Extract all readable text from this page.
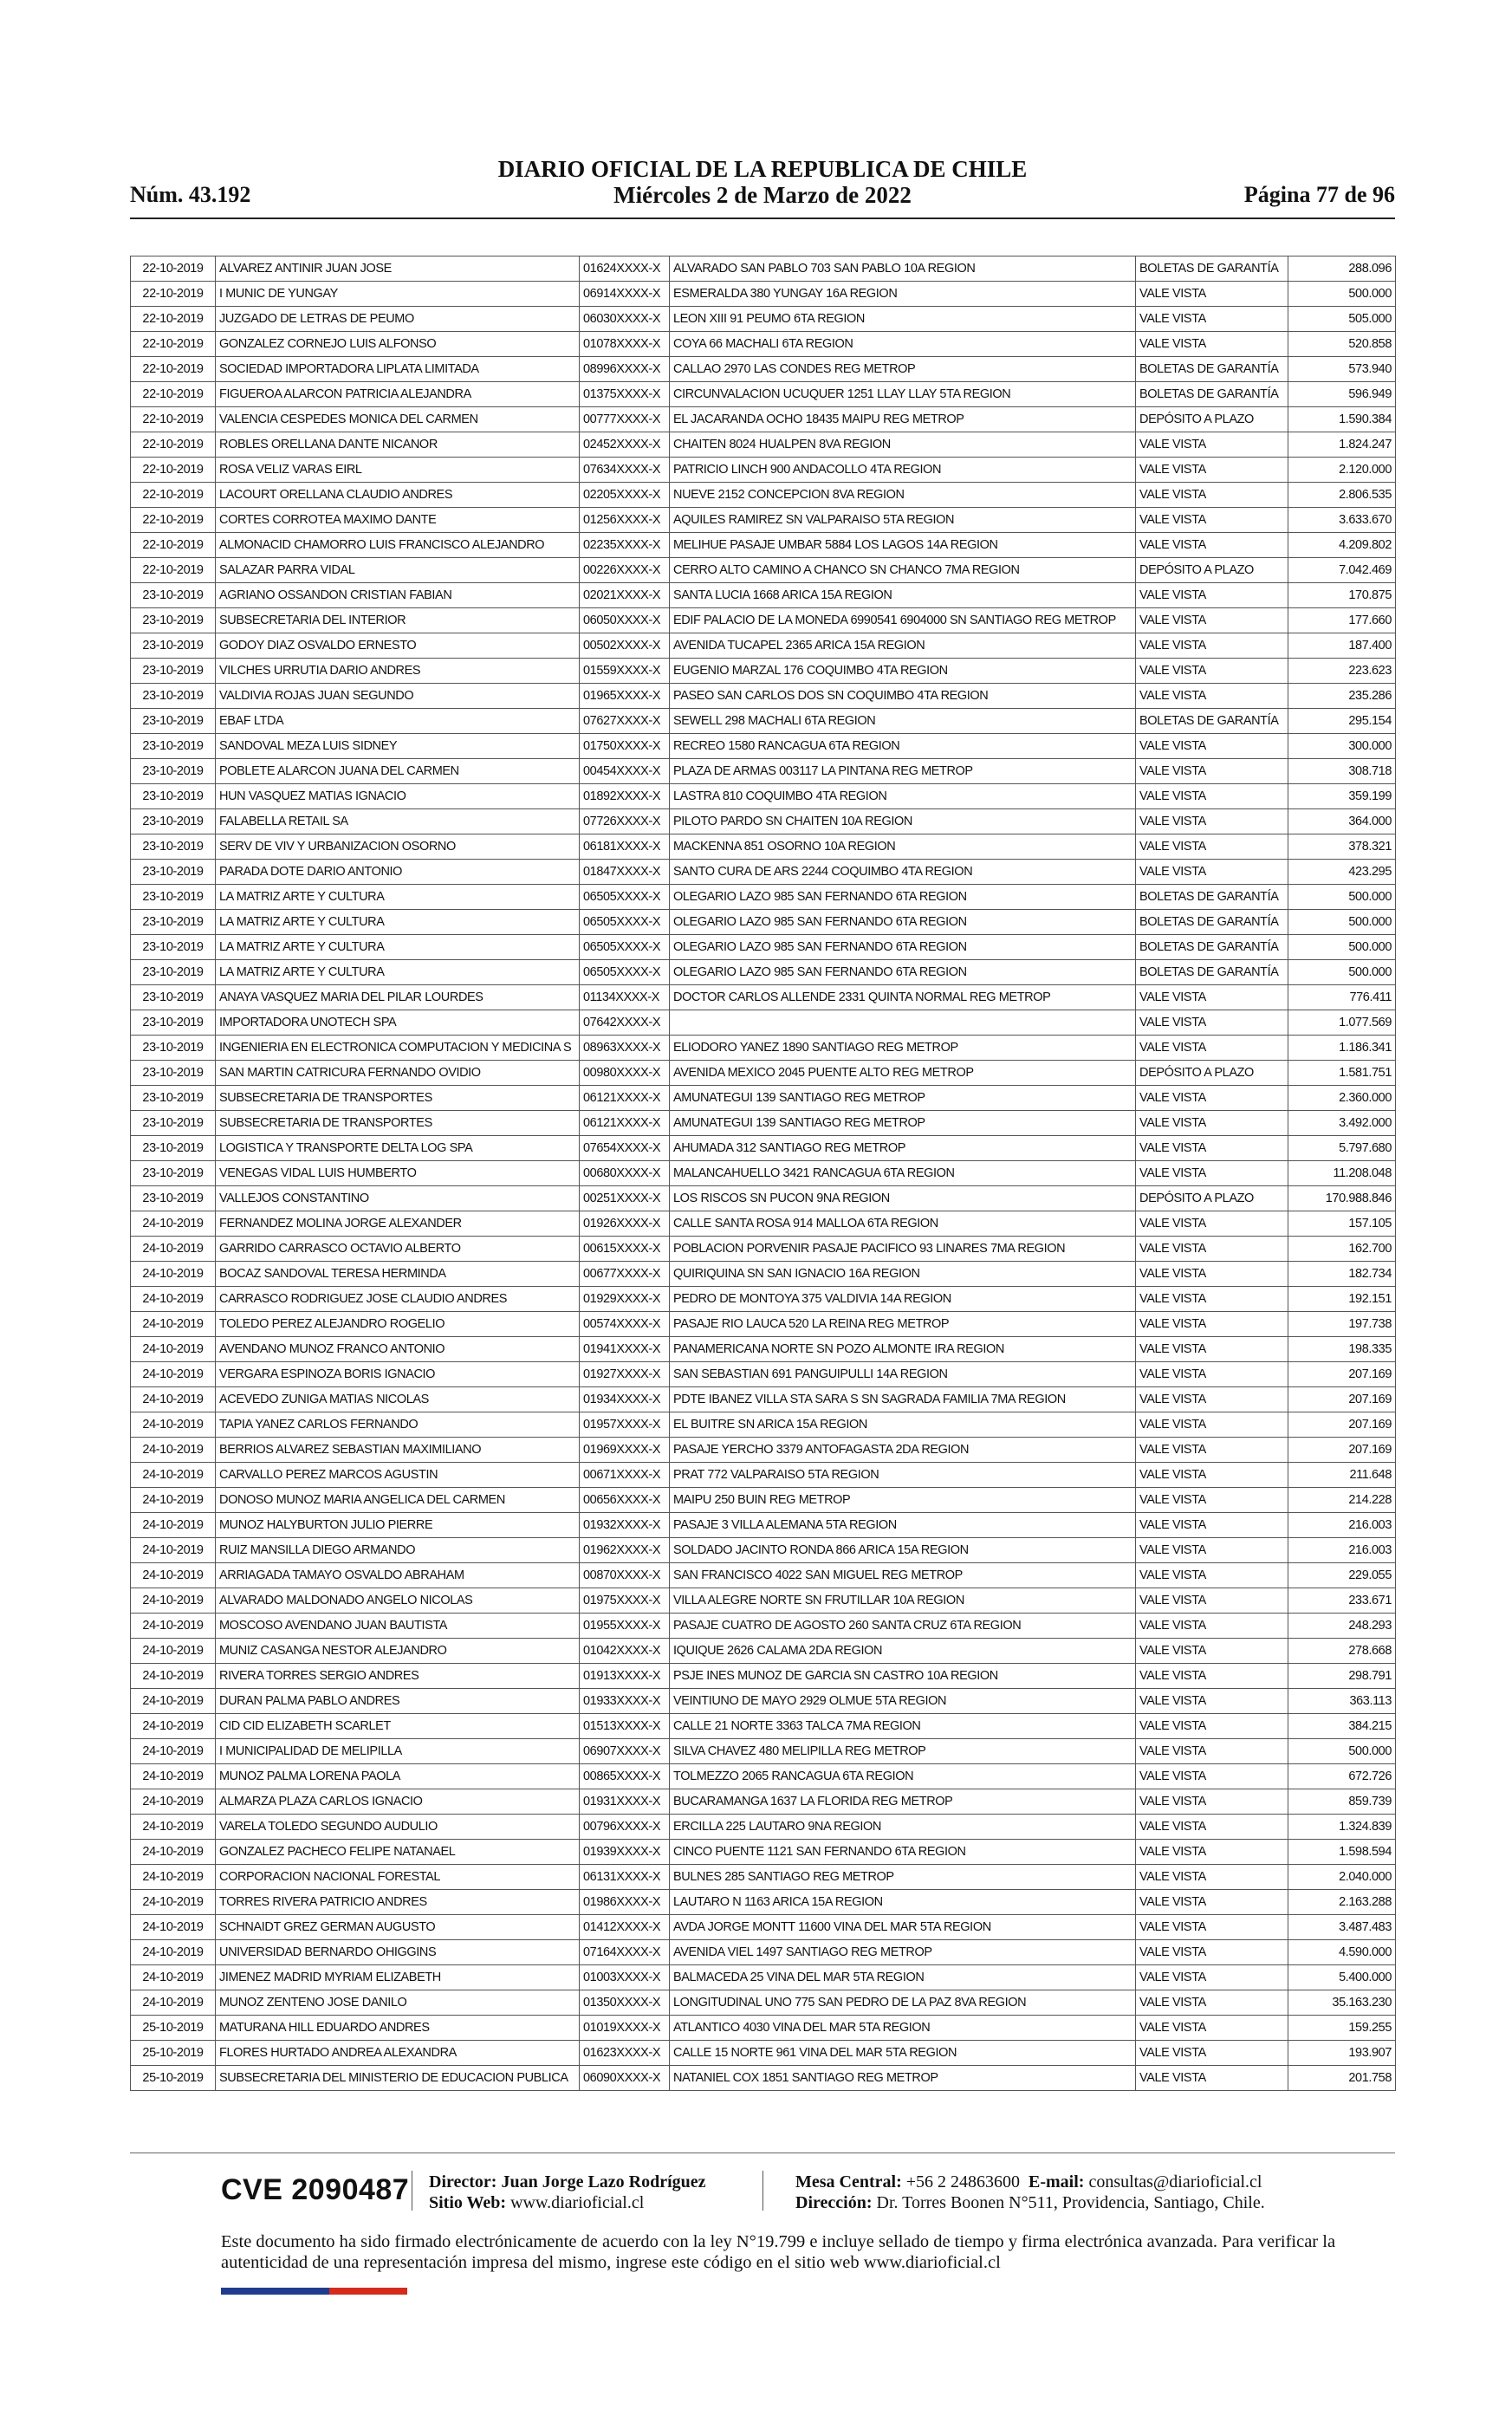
Núm. 43.192
DIARIO OFICIAL DE LA REPUBLICA DE CHILE
Miércoles 2 de Marzo de 2022	Página 77 de 96
22-10-2019	ALVAREZ ANTINIR JUAN JOSE	01624XXXX-X	ALVARADO SAN PABLO 703 SAN PABLO 10A REGION	BOLETAS DE GARANTÍA	288.096
22-10-2019	I MUNIC DE YUNGAY	06914XXXX-X	ESMERALDA 380 YUNGAY 16A REGION	VALE VISTA	500.000
22-10-2019	JUZGADO DE LETRAS DE PEUMO	06030XXXX-X	LEON XIII 91 PEUMO 6TA REGION	VALE VISTA	505.000
22-10-2019	GONZALEZ CORNEJO LUIS ALFONSO	01078XXXX-X	COYA 66 MACHALI 6TA REGION	VALE VISTA	520.858
22-10-2019	SOCIEDAD IMPORTADORA LIPLATA LIMITADA	08996XXXX-X	CALLAO 2970 LAS CONDES REG METROP	BOLETAS DE GARANTÍA	573.940
22-10-2019	FIGUEROA ALARCON PATRICIA ALEJANDRA	01375XXXX-X	CIRCUNVALACION UCUQUER 1251 LLAY LLAY 5TA REGION	BOLETAS DE GARANTÍA	596.949
22-10-2019	VALENCIA CESPEDES MONICA DEL CARMEN	00777XXXX-X	EL JACARANDA OCHO 18435 MAIPU REG METROP	DEPÓSITO A PLAZO	1.590.384
22-10-2019	ROBLES ORELLANA DANTE NICANOR	02452XXXX-X	CHAITEN 8024 HUALPEN 8VA REGION	VALE VISTA	1.824.247
22-10-2019	ROSA VELIZ VARAS EIRL	07634XXXX-X	PATRICIO LINCH 900 ANDACOLLO 4TA REGION	VALE VISTA	2.120.000
22-10-2019	LACOURT ORELLANA CLAUDIO ANDRES	02205XXXX-X	NUEVE 2152 CONCEPCION 8VA REGION	VALE VISTA	2.806.535
22-10-2019	CORTES CORROTEA MAXIMO DANTE	01256XXXX-X	AQUILES RAMIREZ SN VALPARAISO 5TA REGION	VALE VISTA	3.633.670
22-10-2019	ALMONACID CHAMORRO LUIS FRANCISCO ALEJANDRO	02235XXXX-X	MELIHUE PASAJE UMBAR 5884 LOS LAGOS 14A REGION	VALE VISTA	4.209.802
22-10-2019	SALAZAR PARRA VIDAL	00226XXXX-X	CERRO ALTO CAMINO A CHANCO SN CHANCO 7MA REGION	DEPÓSITO A PLAZO	7.042.469
23-10-2019	AGRIANO OSSANDON CRISTIAN FABIAN	02021XXXX-X	SANTA LUCIA 1668 ARICA 15A REGION	VALE VISTA	170.875
23-10-2019	SUBSECRETARIA DEL INTERIOR	06050XXXX-X	EDIF PALACIO DE LA MONEDA 6990541 6904000 SN SANTIAGO REG METROP	VALE VISTA	177.660
23-10-2019	GODOY DIAZ OSVALDO ERNESTO	00502XXXX-X	AVENIDA TUCAPEL 2365 ARICA 15A REGION	VALE VISTA	187.400
23-10-2019	VILCHES URRUTIA DARIO ANDRES	01559XXXX-X	EUGENIO MARZAL 176 COQUIMBO 4TA REGION	VALE VISTA	223.623
23-10-2019	VALDIVIA ROJAS JUAN SEGUNDO	01965XXXX-X	PASEO SAN CARLOS DOS SN COQUIMBO 4TA REGION	VALE VISTA	235.286
23-10-2019	EBAF LTDA	07627XXXX-X	SEWELL 298 MACHALI 6TA REGION	BOLETAS DE GARANTÍA	295.154
23-10-2019	SANDOVAL MEZA LUIS SIDNEY	01750XXXX-X	RECREO 1580 RANCAGUA 6TA REGION	VALE VISTA	300.000
23-10-2019	POBLETE ALARCON JUANA DEL CARMEN	00454XXXX-X	PLAZA DE ARMAS 003117 LA PINTANA REG METROP	VALE VISTA	308.718
23-10-2019	HUN VASQUEZ MATIAS IGNACIO	01892XXXX-X	LASTRA 810 COQUIMBO 4TA REGION	VALE VISTA	359.199
23-10-2019	FALABELLA RETAIL SA	07726XXXX-X	PILOTO PARDO SN CHAITEN 10A REGION	VALE VISTA	364.000
23-10-2019	SERV DE VIV Y URBANIZACION OSORNO	06181XXXX-X	MACKENNA 851 OSORNO 10A REGION	VALE VISTA	378.321
23-10-2019	PARADA DOTE DARIO ANTONIO	01847XXXX-X	SANTO CURA DE ARS 2244 COQUIMBO 4TA REGION	VALE VISTA	423.295
23-10-2019	LA MATRIZ ARTE Y CULTURA	06505XXXX-X	OLEGARIO LAZO 985 SAN FERNANDO 6TA REGION	BOLETAS DE GARANTÍA	500.000
23-10-2019	LA MATRIZ ARTE Y CULTURA	06505XXXX-X	OLEGARIO LAZO 985 SAN FERNANDO 6TA REGION	BOLETAS DE GARANTÍA	500.000
23-10-2019	LA MATRIZ ARTE Y CULTURA	06505XXXX-X	OLEGARIO LAZO 985 SAN FERNANDO 6TA REGION	BOLETAS DE GARANTÍA	500.000
23-10-2019	LA MATRIZ ARTE Y CULTURA	06505XXXX-X	OLEGARIO LAZO 985 SAN FERNANDO 6TA REGION	BOLETAS DE GARANTÍA	500.000
23-10-2019	ANAYA VASQUEZ MARIA DEL PILAR LOURDES	01134XXXX-X	DOCTOR CARLOS ALLENDE 2331 QUINTA NORMAL REG METROP	VALE VISTA	776.411
23-10-2019	IMPORTADORA UNOTECH SPA	07642XXXX-X		VALE VISTA	1.077.569
23-10-2019	INGENIERIA EN ELECTRONICA COMPUTACION Y MEDICINA S	08963XXXX-X	ELIODORO YANEZ 1890 SANTIAGO REG METROP	VALE VISTA	1.186.341
23-10-2019	SAN MARTIN CATRICURA FERNANDO OVIDIO	00980XXXX-X	AVENIDA MEXICO 2045 PUENTE ALTO REG METROP	DEPÓSITO A PLAZO	1.581.751
23-10-2019	SUBSECRETARIA DE TRANSPORTES	06121XXXX-X	AMUNATEGUI 139 SANTIAGO REG METROP	VALE VISTA	2.360.000
23-10-2019	SUBSECRETARIA DE TRANSPORTES	06121XXXX-X	AMUNATEGUI 139 SANTIAGO REG METROP	VALE VISTA	3.492.000
23-10-2019	LOGISTICA Y TRANSPORTE DELTA LOG SPA	07654XXXX-X	AHUMADA 312 SANTIAGO REG METROP	VALE VISTA	5.797.680
23-10-2019	VENEGAS VIDAL LUIS HUMBERTO	00680XXXX-X	MALANCAHUELLO 3421 RANCAGUA 6TA REGION	VALE VISTA	11.208.048
23-10-2019	VALLEJOS CONSTANTINO	00251XXXX-X	LOS RISCOS SN PUCON 9NA REGION	DEPÓSITO A PLAZO	170.988.846
24-10-2019	FERNANDEZ MOLINA JORGE ALEXANDER	01926XXXX-X	CALLE SANTA ROSA 914 MALLOA 6TA REGION	VALE VISTA	157.105
24-10-2019	GARRIDO CARRASCO OCTAVIO ALBERTO	00615XXXX-X	POBLACION PORVENIR PASAJE PACIFICO 93 LINARES 7MA REGION	VALE VISTA	162.700
24-10-2019	BOCAZ SANDOVAL TERESA HERMINDA	00677XXXX-X	QUIRIQUINA SN SAN IGNACIO 16A REGION	VALE VISTA	182.734
24-10-2019	CARRASCO RODRIGUEZ JOSE CLAUDIO ANDRES	01929XXXX-X	PEDRO DE MONTOYA 375 VALDIVIA 14A REGION	VALE VISTA	192.151
24-10-2019	TOLEDO PEREZ ALEJANDRO ROGELIO	00574XXXX-X	PASAJE RIO LAUCA 520 LA REINA REG METROP	VALE VISTA	197.738
24-10-2019	AVENDANO MUNOZ FRANCO ANTONIO	01941XXXX-X	PANAMERICANA NORTE SN POZO ALMONTE IRA REGION	VALE VISTA	198.335
24-10-2019	VERGARA ESPINOZA BORIS IGNACIO	01927XXXX-X	SAN SEBASTIAN 691 PANGUIPULLI 14A REGION	VALE VISTA	207.169
24-10-2019	ACEVEDO ZUNIGA MATIAS NICOLAS	01934XXXX-X	PDTE IBANEZ VILLA STA SARA S SN SAGRADA FAMILIA 7MA REGION	VALE VISTA	207.169
24-10-2019	TAPIA YANEZ CARLOS FERNANDO	01957XXXX-X	EL BUITRE SN ARICA 15A REGION	VALE VISTA	207.169
24-10-2019	BERRIOS ALVAREZ SEBASTIAN MAXIMILIANO	01969XXXX-X	PASAJE YERCHO 3379 ANTOFAGASTA 2DA REGION	VALE VISTA	207.169
24-10-2019	CARVALLO PEREZ MARCOS AGUSTIN	00671XXXX-X	PRAT 772 VALPARAISO 5TA REGION	VALE VISTA	211.648
24-10-2019	DONOSO MUNOZ MARIA ANGELICA DEL CARMEN	00656XXXX-X	MAIPU 250 BUIN REG METROP	VALE VISTA	214.228
24-10-2019	MUNOZ HALYBURTON JULIO PIERRE	01932XXXX-X	PASAJE 3 VILLA ALEMANA 5TA REGION	VALE VISTA	216.003
24-10-2019	RUIZ MANSILLA DIEGO ARMANDO	01962XXXX-X	SOLDADO JACINTO RONDA 866 ARICA 15A REGION	VALE VISTA	216.003
24-10-2019	ARRIAGADA TAMAYO OSVALDO ABRAHAM	00870XXXX-X	SAN FRANCISCO 4022 SAN MIGUEL REG METROP	VALE VISTA	229.055
24-10-2019	ALVARADO MALDONADO ANGELO NICOLAS	01975XXXX-X	VILLA ALEGRE NORTE SN FRUTILLAR 10A REGION	VALE VISTA	233.671
24-10-2019	MOSCOSO AVENDANO JUAN BAUTISTA	01955XXXX-X	PASAJE CUATRO DE AGOSTO 260 SANTA CRUZ 6TA REGION	VALE VISTA	248.293
24-10-2019	MUNIZ CASANGA NESTOR ALEJANDRO	01042XXXX-X	IQUIQUE 2626 CALAMA 2DA REGION	VALE VISTA	278.668
24-10-2019	RIVERA TORRES SERGIO ANDRES	01913XXXX-X	PSJE INES MUNOZ DE GARCIA SN CASTRO 10A REGION	VALE VISTA	298.791
24-10-2019	DURAN PALMA PABLO ANDRES	01933XXXX-X	VEINTIUNO DE MAYO 2929 OLMUE 5TA REGION	VALE VISTA	363.113
24-10-2019	CID CID ELIZABETH SCARLET	01513XXXX-X	CALLE 21 NORTE 3363 TALCA 7MA REGION	VALE VISTA	384.215
24-10-2019	I MUNICIPALIDAD DE MELIPILLA	06907XXXX-X	SILVA CHAVEZ 480 MELIPILLA REG METROP	VALE VISTA	500.000
24-10-2019	MUNOZ PALMA LORENA PAOLA	00865XXXX-X	TOLMEZZO 2065 RANCAGUA 6TA REGION	VALE VISTA	672.726
24-10-2019	ALMARZA PLAZA CARLOS IGNACIO	01931XXXX-X	BUCARAMANGA 1637 LA FLORIDA REG METROP	VALE VISTA	859.739
24-10-2019	VARELA TOLEDO SEGUNDO AUDULIO	00796XXXX-X	ERCILLA 225 LAUTARO 9NA REGION	VALE VISTA	1.324.839
24-10-2019	GONZALEZ PACHECO FELIPE NATANAEL	01939XXXX-X	CINCO PUENTE 1121 SAN FERNANDO 6TA REGION	VALE VISTA	1.598.594
24-10-2019	CORPORACION NACIONAL FORESTAL	06131XXXX-X	BULNES 285 SANTIAGO REG METROP	VALE VISTA	2.040.000
24-10-2019	TORRES RIVERA PATRICIO ANDRES	01986XXXX-X	LAUTARO N 1163 ARICA 15A REGION	VALE VISTA	2.163.288
24-10-2019	SCHNAIDT GREZ GERMAN AUGUSTO	01412XXXX-X	AVDA JORGE MONTT 11600 VINA DEL MAR 5TA REGION	VALE VISTA	3.487.483
24-10-2019	UNIVERSIDAD BERNARDO OHIGGINS	07164XXXX-X	AVENIDA VIEL 1497 SANTIAGO REG METROP	VALE VISTA	4.590.000
24-10-2019	JIMENEZ MADRID MYRIAM ELIZABETH	01003XXXX-X	BALMACEDA 25 VINA DEL MAR 5TA REGION	VALE VISTA	5.400.000
24-10-2019	MUNOZ ZENTENO JOSE DANILO	01350XXXX-X	LONGITUDINAL UNO 775 SAN PEDRO DE LA PAZ 8VA REGION	VALE VISTA	35.163.230
25-10-2019	MATURANA HILL EDUARDO ANDRES	01019XXXX-X	ATLANTICO 4030 VINA DEL MAR 5TA REGION	VALE VISTA	159.255
25-10-2019	FLORES HURTADO ANDREA ALEXANDRA	01623XXXX-X	CALLE 15 NORTE 961 VINA DEL MAR 5TA REGION	VALE VISTA	193.907
25-10-2019	SUBSECRETARIA DEL MINISTERIO DE EDUCACION PUBLICA	06090XXXX-X	NATANIEL COX 1851 SANTIAGO REG METROP	VALE VISTA	201.758
CVE 2090487 Director: Juan Jorge Lazo Rodríguez
Sitio Web: www.diarioficial.cl
Mesa Central: +56 2 24863600 E-mail: consultas@diarioficial.cl
Dirección: Dr. Torres Boonen N°511, Providencia, Santiago, Chile.
Este documento ha sido firmado electrónicamente de acuerdo con la ley N°19.799 e incluye sellado de tiempo y firma electrónica avanzada. Para verificar la autenticidad de una representación impresa del mismo, ingrese este código en el sitio web www.diarioficial.cl
